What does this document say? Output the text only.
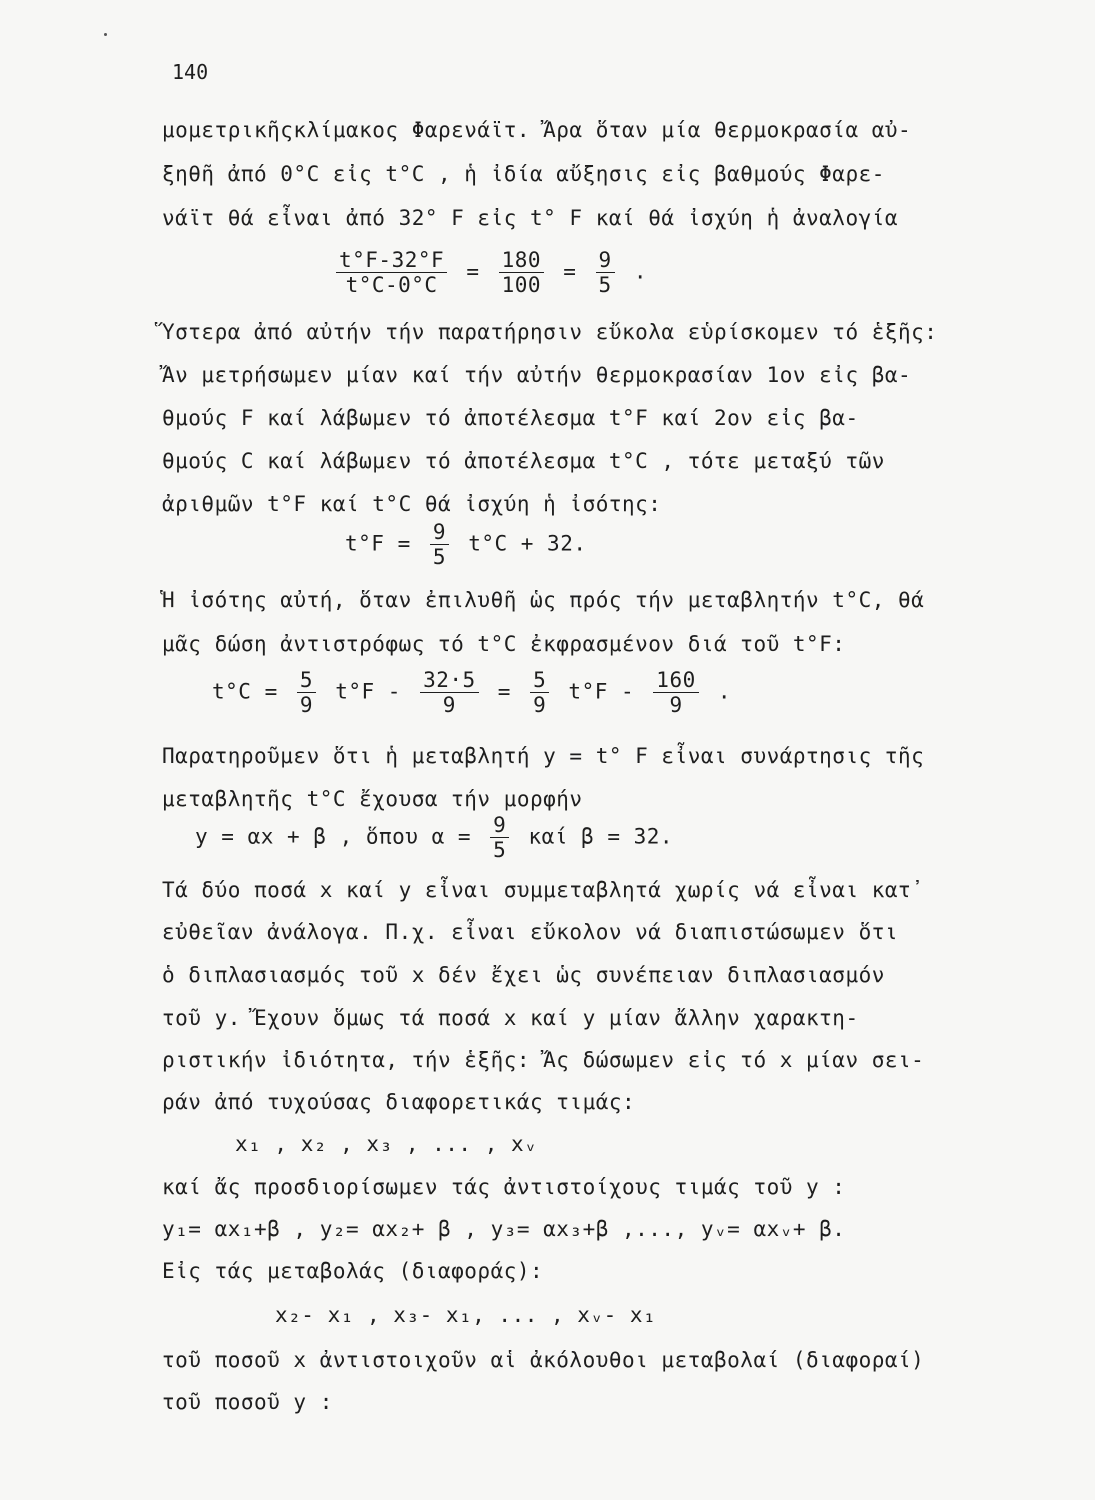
140
μομετρικῆςκλίμακος Φαρενάϊτ. Ἄρα ὅταν μία θερμοκρασία αὐ-
ξηθῆ ἀπό 0°C εἰς t°C , ἡ ἰδία αὔξησις εἰς βαθμούς Φαρε-
νάϊτ θά εἶναι ἀπό 32° F εἰς t° F καί θά ἰσχύη ἡ ἀναλογία
$\frac{t^\circ F-32^\circ F}{t^\circ C-0^\circ C} = \frac{180}{100} = \frac{9}{5}$ .
Ὕστερα ἀπό αὐτήν τήν παρατήρησιν εὔκολα εὑρίσκομεν τό ἑξῆς:
Ἄν μετρήσωμεν μίαν καί τήν αὐτήν θερμοκρασίαν 1ον εἰς βα-
θμούς F καί λάβωμεν τό ἀποτέλεσμα t°F καί 2ον εἰς βα-
θμούς C καί λάβωμεν τό ἀποτέλεσμα t°C , τότε μεταξύ τῶν
ἀριθμῶν t°F καί t°C θά ἰσχύη ἡ ἰσότης:
$t^\circ F = \frac{9}{5} t^\circ C + 32$.
Ἡ ἰσότης αὐτή, ὅταν ἐπιλυθῆ ὡς πρός τήν μεταβλητήν t°C, θά
μᾶς δώση ἀντιστρόφως τό t°C ἐκφρασμένον διά τοῦ t°F:
$t^\circ C = \frac{5}{9} t^\circ F - \frac{32\cdot 5}{9} = \frac{5}{9} t^\circ F - \frac{160}{9}$ .
Παρατηροῦμεν ὅτι ἡ μεταβλητή y = t° F εἶναι συνάρτησις τῆς
μεταβλητῆς t°C ἔχουσα τήν μορφήν
y = αx + β , ὅπου $\alpha = \frac{9}{5}$ καί β = 32.
Τά δύο ποσά x καί y εἶναι συμμεταβλητά χωρίς νά εἶναι κατ᾽
εὐθεῖαν ἀνάλογα. Π.χ. εἶναι εὔκολον νά διαπιστώσωμεν ὅτι
ὁ διπλασιασμός τοῦ x δέν ἔχει ὡς συνέπειαν διπλασιασμόν
τοῦ y. Ἔχουν ὅμως τά ποσά x καί y μίαν ἄλλην χαρακτη-
ριστικήν ἰδιότητα, τήν ἑξῆς: Ἄς δώσωμεν εἰς τό x μίαν σει-
ράν ἀπό τυχούσας διαφορετικάς τιμάς:
x₁ , x₂ , x₃ , ... , xᵥ
καί ἄς προσδιορίσωμεν τάς ἀντιστοίχους τιμάς τοῦ y :
y₁= αx₁+β , y₂= αx₂+ β , y₃= αx₃+β ,..., yᵥ= αxᵥ+ β.
Εἰς τάς μεταβολάς (διαφοράς):
x₂- x₁ , x₃- x₁, ... , xᵥ- x₁
τοῦ ποσοῦ x ἀντιστοιχοῦν αἱ ἀκόλουθοι μεταβολαί (διαφοραί)
τοῦ ποσοῦ y :
